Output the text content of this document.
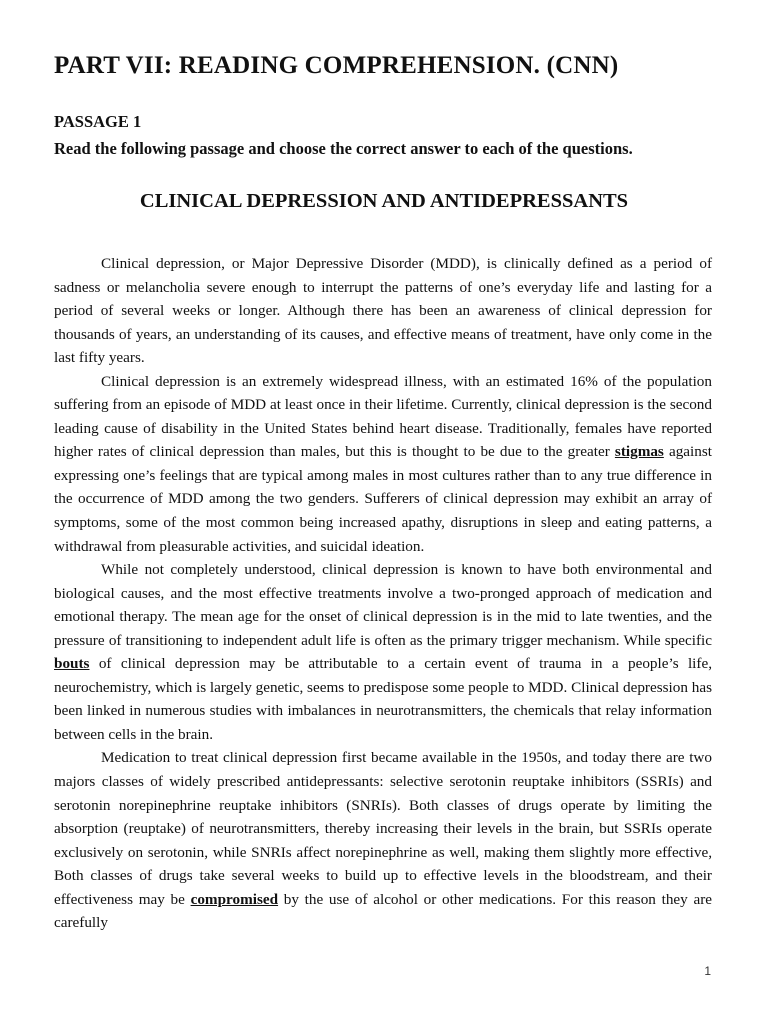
PART VII: READING COMPREHENSION. (CNN)
PASSAGE 1
Read the following passage and choose the correct answer to each of the questions.
CLINICAL DEPRESSION AND ANTIDEPRESSANTS

Clinical depression, or Major Depressive Disorder (MDD), is clinically defined as a period of sadness or melancholia severe enough to interrupt the patterns of one’s everyday life and lasting for a period of several weeks or longer. Although there has been an awareness of clinical depression for thousands of years, an understanding of its causes, and effective means of treatment, have only come in the last fifty years.

Clinical depression is an extremely widespread illness, with an estimated 16% of the population suffering from an episode of MDD at least once in their lifetime. Currently, clinical depression is the second leading cause of disability in the United States behind heart disease. Traditionally, females have reported higher rates of clinical depression than males, but this is thought to be due to the greater stigmas against expressing one’s feelings that are typical among males in most cultures rather than to any true difference in the occurrence of MDD among the two genders. Sufferers of clinical depression may exhibit an array of symptoms, some of the most common being increased apathy, disruptions in sleep and eating patterns, a withdrawal from pleasurable activities, and suicidal ideation.

While not completely understood, clinical depression is known to have both environmental and biological causes, and the most effective treatments involve a two-pronged approach of medication and emotional therapy. The mean age for the onset of clinical depression is in the mid to late twenties, and the pressure of transitioning to independent adult life is often as the primary trigger mechanism. While specific bouts of clinical depression may be attributable to a certain event of trauma in a people’s life, neurochemistry, which is largely genetic, seems to predispose some people to MDD. Clinical depression has been linked in numerous studies with imbalances in neurotransmitters, the chemicals that relay information between cells in the brain.

Medication to treat clinical depression first became available in the 1950s, and today there are two majors classes of widely prescribed antidepressants: selective serotonin reuptake inhibitors (SSRIs) and serotonin norepinephrine reuptake inhibitors (SNRIs). Both classes of drugs operate by limiting the absorption (reuptake) of neurotransmitters, thereby increasing their levels in the brain, but SSRIs operate exclusively on serotonin, while SNRIs affect norepinephrine as well, making them slightly more effective, Both classes of drugs take several weeks to build up to effective levels in the bloodstream, and their effectiveness may be compromised by the use of alcohol or other medications. For this reason they are carefully

1
